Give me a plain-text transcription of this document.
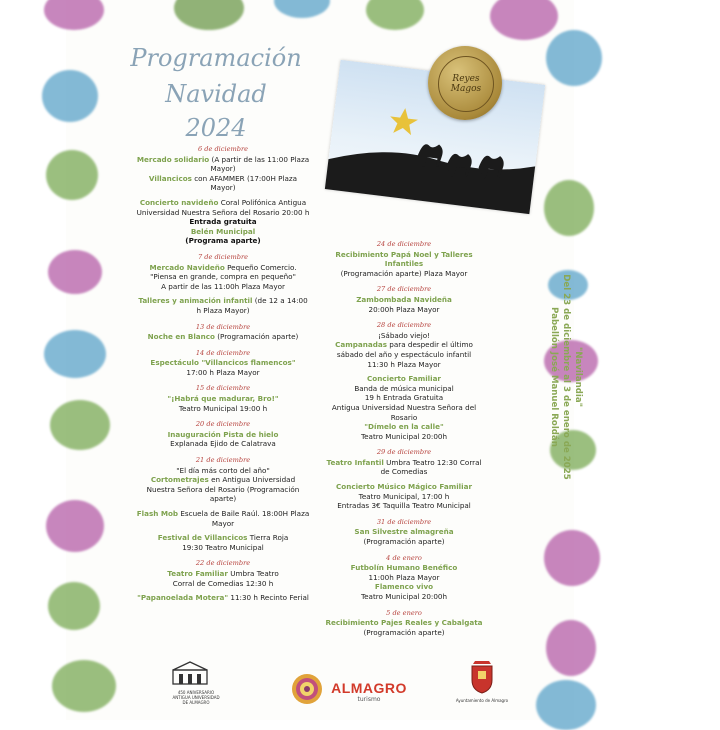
Programación
Navidad
2024
Reyes Magos
"Navilandia"
Del 23 de diciembre al 3 de enero de 2025
Pabellón José Manuel Roldán
6 de diciembre
Mercado solidario (A partir de las 11:00 Plaza Mayor)
Villancicos con AFAMMER (17:00H Plaza Mayor)
Concierto navideño Coral Polifónica Antigua Universidad Nuestra Señora del Rosario 20:00 h Entrada gratuita
Belén Municipal
(Programa aparte)
7 de diciembre
Mercado Navideño Pequeño Comercio. "Piensa en grande, compra en pequeño"
A partir de las 11:00h Plaza Mayor
Talleres y animación infantil (de 12 a 14:00 h Plaza Mayor)
13 de diciembre
Noche en Blanco (Programación aparte)
14 de diciembre
Espectáculo "Villancicos flamencos"
17:00 h Plaza Mayor
15 de diciembre
"¡Habrá que madurar, Bro!"
Teatro Municipal 19:00 h
20 de diciembre
Inauguración Pista de hielo
Explanada Ejido de Calatrava
21 de diciembre
"El día más corto del año"
Cortometrajes en Antigua Universidad Nuestra Señora del Rosario (Programación aparte)
Flash Mob Escuela de Baile Raúl. 18:00H Plaza Mayor
Festival de Villancicos Tierra Roja
19:30 Teatro Municipal
22 de diciembre
Teatro Familiar Umbra Teatro
Corral de Comedias 12:30 h
"Papanoelada Motera" 11:30 h Recinto Ferial
24 de diciembre
Recibimiento Papá Noel y Talleres Infantiles
(Programación aparte) Plaza Mayor
27 de diciembre
Zambombada Navideña
20:00h Plaza Mayor
28 de diciembre
¡Sábado viejo!
Campanadas para despedir el último sábado del año y espectáculo infantil
11:30 h Plaza Mayor
Concierto Familiar
Banda de música municipal
19 h Entrada Gratuita
Antigua Universidad Nuestra Señora del Rosario
"Dímelo en la calle"
Teatro Municipal 20:00h
29 de diciembre
Teatro Infantil Umbra Teatro 12:30 Corral de Comedias
Concierto Músico Mágico Familiar
Teatro Municipal, 17:00 h
Entradas 3€ Taquilla Teatro Municipal
31 de diciembre
San Silvestre almagreña
(Programación aparte)
4 de enero
Futbolín Humano Benéfico
11:00h Plaza Mayor
Flamenco vivo
Teatro Municipal 20:00h
5 de enero
Recibimiento Pajes Reales y Cabalgata
(Programación aparte)
450 ANIVERSARIO ANTIGUA UNIVERSIDAD DE ALMAGRO
ALMAGRO
turismo	Ayuntamiento de Almagro
